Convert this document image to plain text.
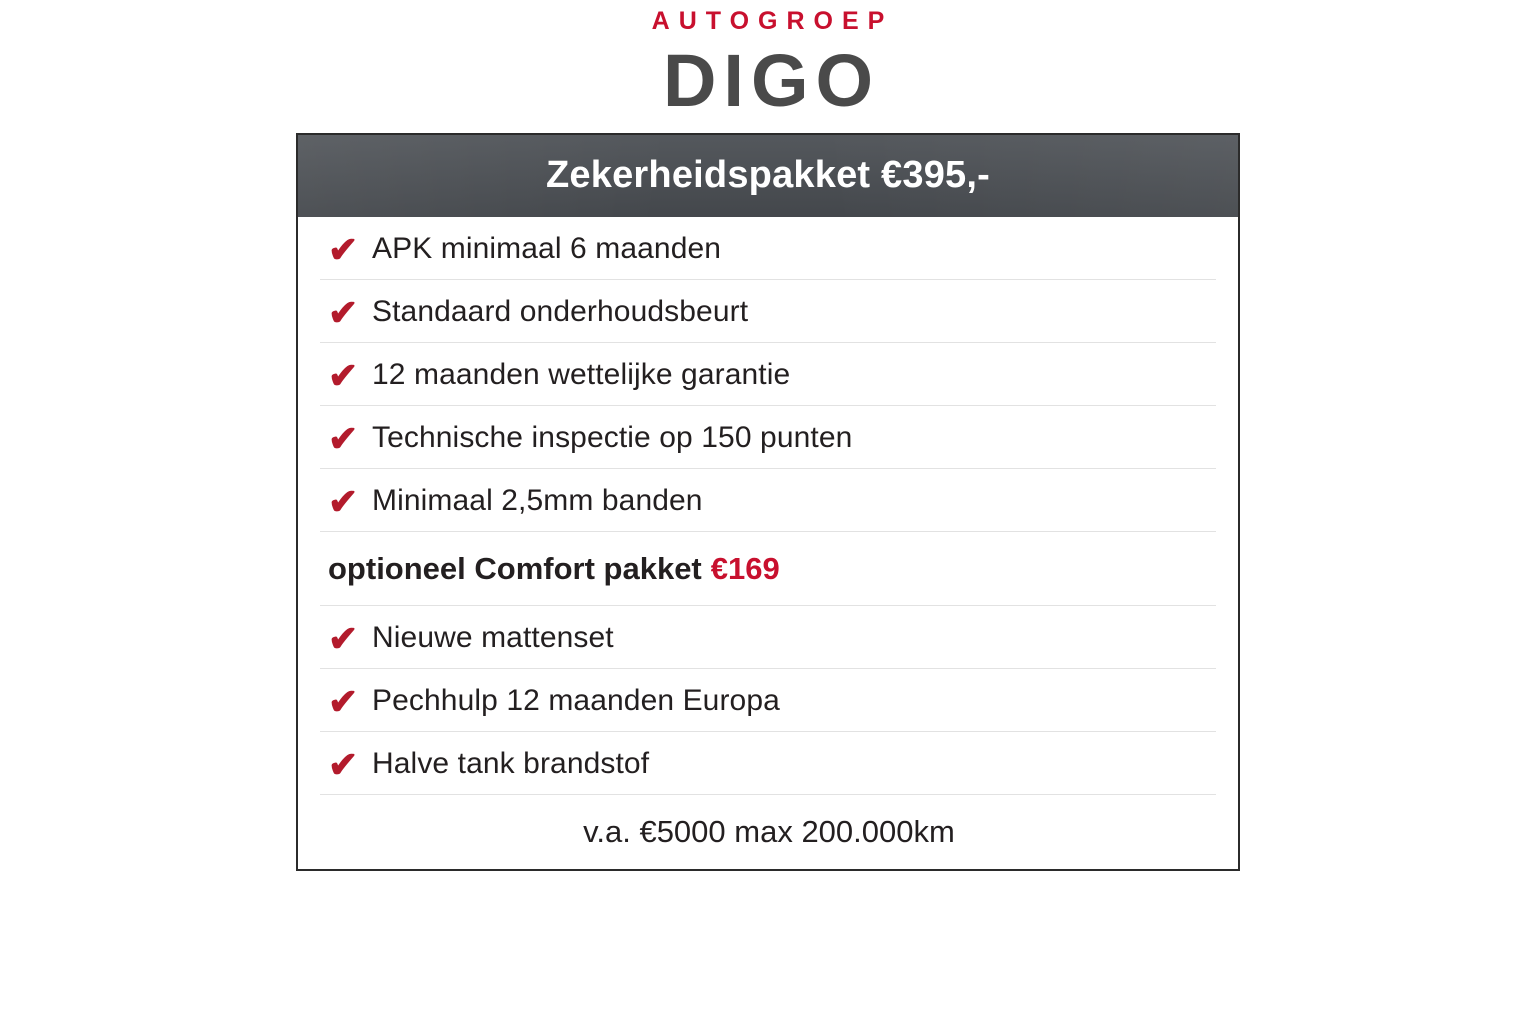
AUTOGROEP
DIGO
Zekerheidspakket €395,-
✔ APK minimaal 6 maanden
✔ Standaard onderhoudsbeurt
✔ 12 maanden wettelijke garantie
✔ Technische inspectie op 150 punten
✔ Minimaal 2,5mm banden
optioneel Comfort pakket €169
✔ Nieuwe mattenset
✔ Pechhulp 12 maanden Europa
✔ Halve tank brandstof
v.a. €5000 max 200.000km
